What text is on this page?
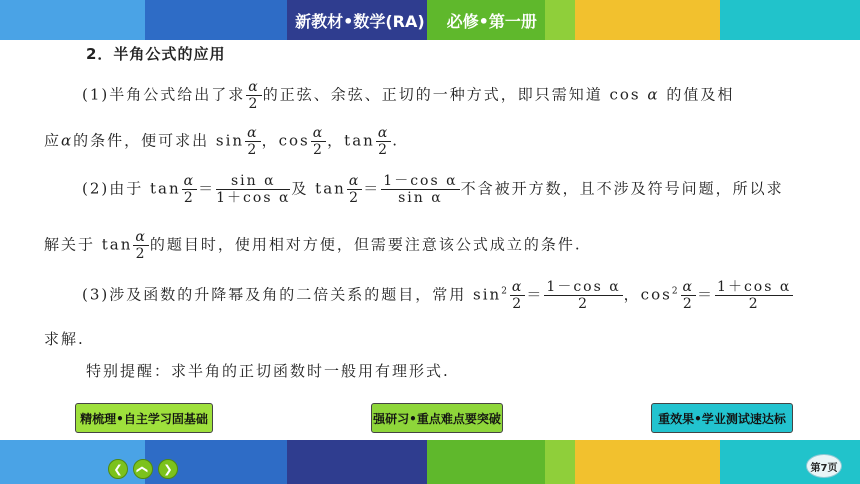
新教材•数学(RA) 必修•第一册
2．半角公式的应用
(1)半角公式给出了求 $\frac{\alpha}{2}$ 的正弦、余弦、正切的一种方式，即只需知道 cos α 的值及相
应α的条件，便可求出 $\sin \frac{\alpha}{2}$ ，$\cos \frac{\alpha}{2}$ ，$\tan \frac{\alpha}{2}$ .
(2)由于 $\tan \frac{\alpha}{2} = \frac{\text{sin α}}{\text{1＋cos α}}$ 及 $\tan \frac{\alpha}{2} = \frac{\text{1－cos α}}{\text{sin α}}$ 不含被开方数，且不涉及符号问题，所以求
解关于 $\tan \frac{\alpha}{2}$ 的题目时，使用相对方便，但需要注意该公式成立的条件.
(3)涉及函数的升降幂及角的二倍关系的题目，常用 $\sin^2 \frac{\alpha}{2} = \frac{\text{1－cos α}}{2}$ ，$\cos^2 \frac{\alpha}{2} = \frac{\text{1＋cos α}}{2}$
求解.
特别提醒：求半角的正切函数时一般用有理形式.
精梳理•自主学习固基础	强研习•重点难点要突破	重效果•学业测试速达标
❮	❮	❯	第7页
